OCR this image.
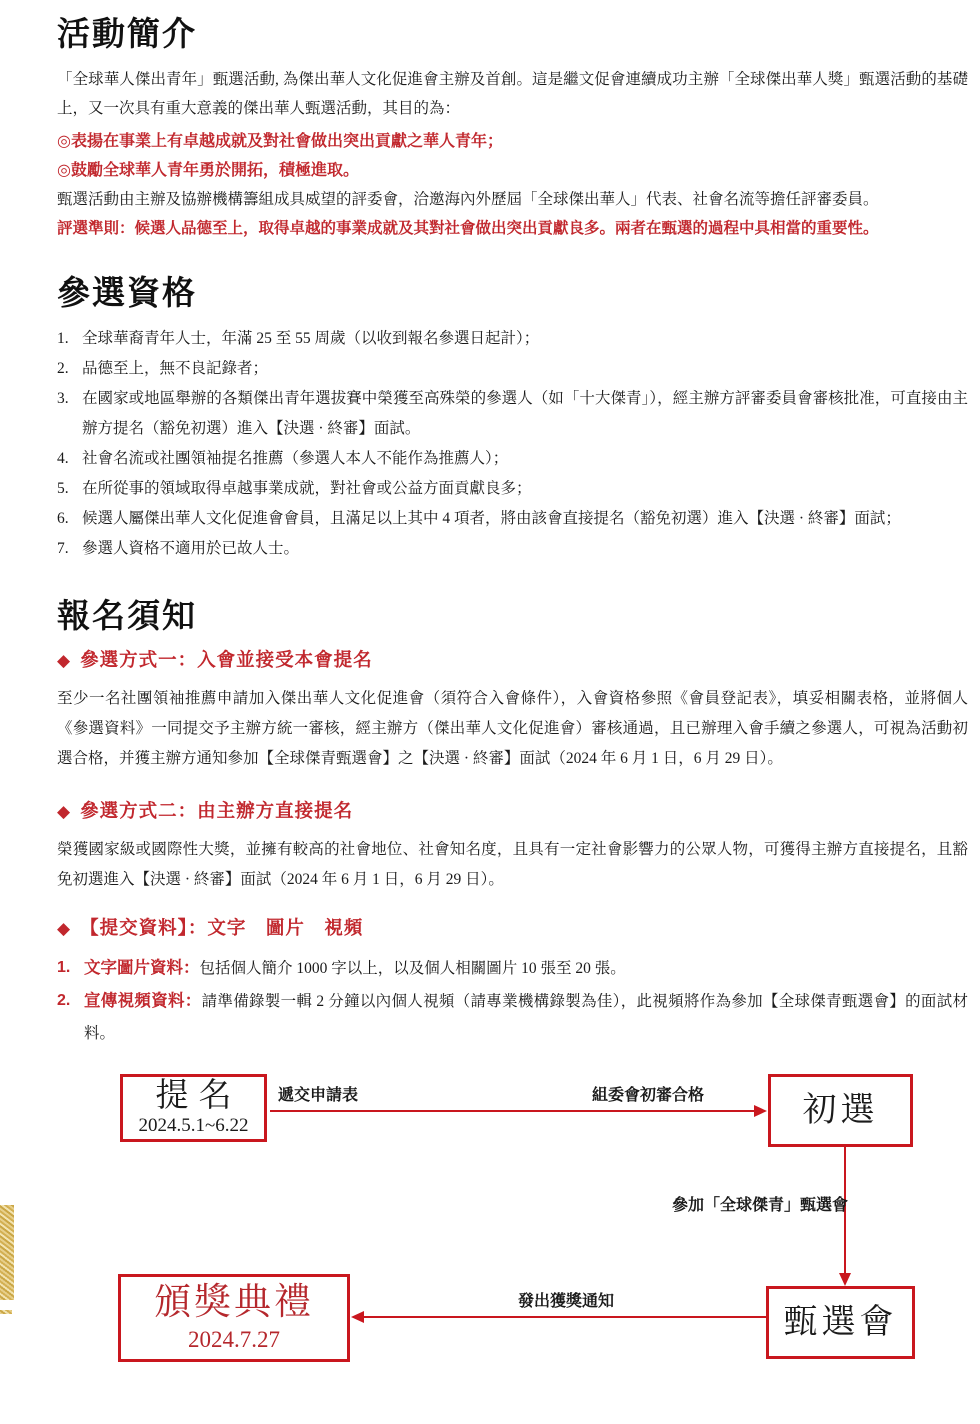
活動簡介

「全球華人傑出青年」甄選活動, 為傑出華人文化促進會主辦及首創。這是繼文促會連續成功主辦「全球傑出華人獎」甄選活動的基礎上，又一次具有重大意義的傑出華人甄選活動，其目的為：

◎表揚在事業上有卓越成就及對社會做出突出貢獻之華人青年；

◎鼓勵全球華人青年勇於開拓，積極進取。

甄選活動由主辦及協辦機構籌組成具威望的評委會，洽邀海內外歷屆「全球傑出華人」代表、社會名流等擔任評審委員。

評選準則：候選人品德至上，取得卓越的事業成就及其對社會做出突出貢獻良多。兩者在甄選的過程中具相當的重要性。

參選資格
1. 全球華裔青年人士，年滿 25 至 55 周歲（以收到報名參選日起計）；
2. 品德至上，無不良記錄者；
3. 在國家或地區舉辦的各類傑出青年選拔賽中榮獲至高殊榮的參選人（如「十大傑青」），經主辦方評審委員會審核批准，可直接由主辦方提名（豁免初選）進入【決選 · 終審】面試。
4. 社會名流或社團領袖提名推薦（參選人本人不能作為推薦人）；
5. 在所從事的領域取得卓越事業成就，對社會或公益方面貢獻良多；
6. 候選人屬傑出華人文化促進會會員，且滿足以上其中 4 項者，將由該會直接提名（豁免初選）進入【決選 · 終審】面試；
7. 參選人資格不適用於已故人士。
報名須知
◆ 參選方式一：入會並接受本會提名

至少一名社團領袖推薦申請加入傑出華人文化促進會（須符合入會條件），入會資格參照《會員登記表》，填妥相關表格，並將個人《參選資料》一同提交予主辦方統一審核，經主辦方（傑出華人文化促進會）審核通過，且已辦理入會手續之參選人，可視為活動初選合格，并獲主辦方通知參加【全球傑青甄選會】之【決選 · 終審】面試（2024 年 6 月 1 日，6 月 29 日）。

◆ 參選方式二：由主辦方直接提名

榮獲國家級或國際性大獎，並擁有較高的社會地位、社會知名度，且具有一定社會影響力的公眾人物，可獲得主辦方直接提名，且豁免初選進入【決選 · 終審】面試（2024 年 6 月 1 日，6 月 29 日）。

◆ 【提交資料】：文字　圖片　視頻
1. 文字圖片資料：包括個人簡介 1000 字以上，以及個人相關圖片 10 張至 20 張。
2. 宣傳視頻資料：請準備錄製一輯 2 分鐘以內個人視頻（請專業機構錄製為佳），此視頻將作為參加【全球傑青甄選會】的面試材料。
提名
2024.5.1~6.22	初選
甄選會
頒獎典禮
2024.7.27
遞交申請表	組委會初審合格
參加「全球傑青」甄選會
發出獲獎通知
